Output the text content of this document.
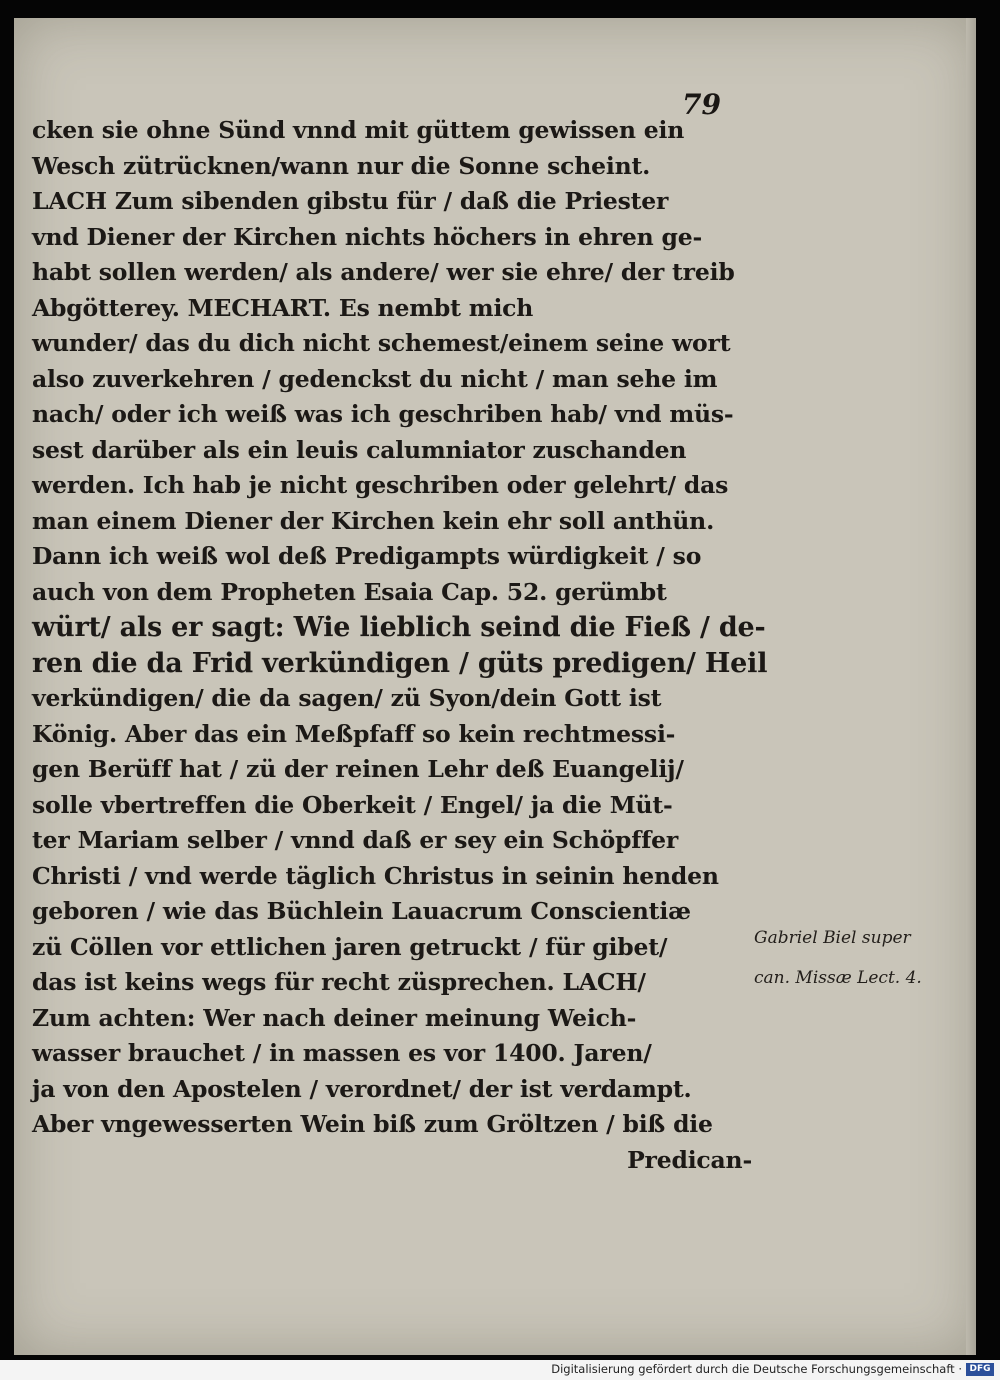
79
cken sie ohne Sünd vnnd mit güttem gewissen ein
Wesch zütrücknen/wann nur die Sonne scheint.
LACH Zum sibenden gibstu für / daß die Priester
vnd Diener der Kirchen nichts höchers in ehren ge-
habt sollen werden/ als andere/ wer sie ehre/ der treib
Abgötterey. MECHART. Es nembt mich
wunder/ das du dich nicht schemest/einem seine wort
also zuverkehren / gedenckst du nicht / man sehe im
nach/ oder ich weiß was ich geschriben hab/ vnd müs-
sest darüber als ein leuis calumniator zuschanden
werden. Ich hab je nicht geschriben oder gelehrt/ das
man einem Diener der Kirchen kein ehr soll anthün.
Dann ich weiß wol deß Predigampts würdigkeit / so
auch von dem Propheten Esaia Cap. 52. gerümbt
würt/ als er sagt: Wie lieblich seind die Fieß / de-
ren die da Frid verkündigen / güts predigen/ Heil
verkündigen/ die da sagen/ zü Syon/dein Gott ist
König. Aber das ein Meßpfaff so kein rechtmessi-
gen Berüff hat / zü der reinen Lehr deß Euangelij/
solle vbertreffen die Oberkeit / Engel/ ja die Müt-
ter Mariam selber / vnnd daß er sey ein Schöpffer
Christi / vnd werde täglich Christus in seinin henden
geboren / wie das Büchlein Lauacrum Conscientiæ
zü Cöllen vor ettlichen jaren getruckt / für gibet/
das ist keins wegs für recht züsprechen. LACH/
Zum achten: Wer nach deiner meinung Weich-
wasser brauchet / in massen es vor 1400. Jaren/
ja von den Apostelen / verordnet/ der ist verdampt.
Aber vngewesserten Wein biß zum Gröltzen / biß die
Predican-
Gabriel Biel super
can. Missæ Lect. 4.
Digitalisierung gefördert durch die Deutsche Forschungsgemeinschaft · DFG
